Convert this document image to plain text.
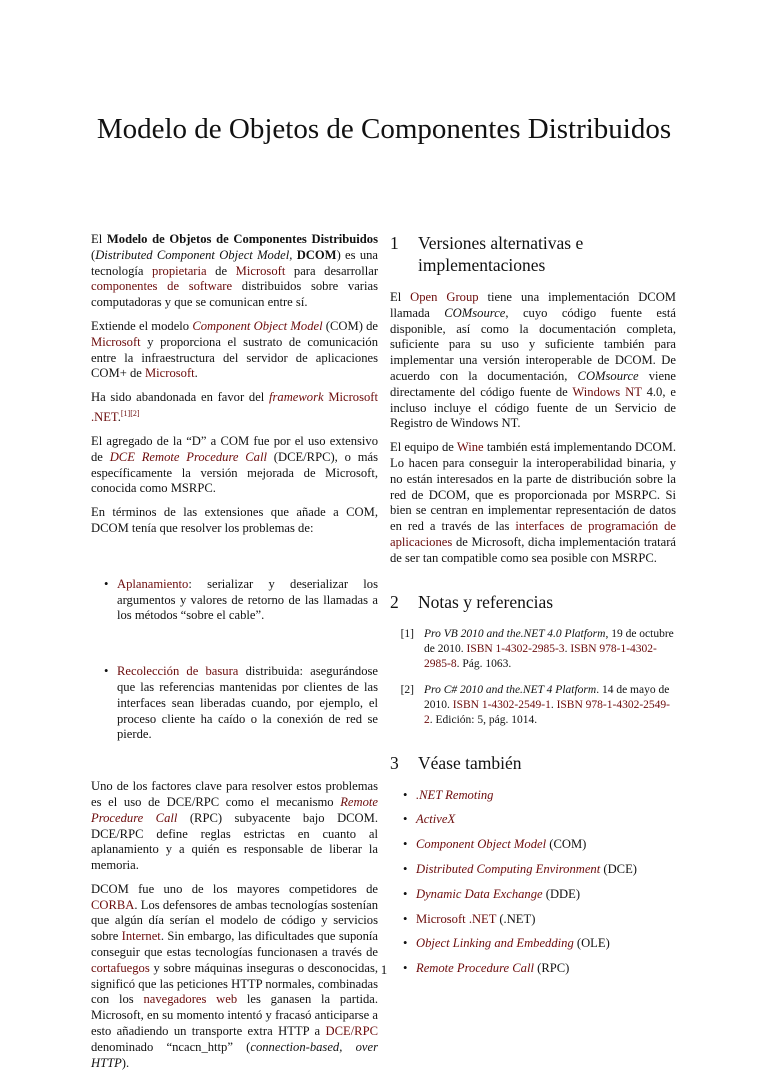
Modelo de Objetos de Componentes Distribuidos

El Modelo de Objetos de Componentes Distribuidos (Distributed Component Object Model, DCOM) es una tecnología propietaria de Microsoft para desarrollar componentes de software distribuidos sobre varias computadoras y que se comunican entre sí.

Extiende el modelo Component Object Model (COM) de Microsoft y proporciona el sustrato de comunicación entre la infraestructura del servidor de aplicaciones COM+ de Microsoft.

Ha sido abandonada en favor del framework Microsoft .NET.[1][2]

El agregado de la “D” a COM fue por el uso extensivo de DCE Remote Procedure Call (DCE/RPC), o más específicamente la versión mejorada de Microsoft, conocida como MSRPC.

En términos de las extensiones que añade a COM, DCOM tenía que resolver los problemas de:

• Aplanamiento: serializar y deserializar los argumentos y valores de retorno de las llamadas a los métodos “sobre el cable”.
• Recolección de basura distribuida: asegurándose que las referencias mantenidas por clientes de las interfaces sean liberadas cuando, por ejemplo, el proceso cliente ha caído o la conexión de red se pierde.

Uno de los factores clave para resolver estos problemas es el uso de DCE/RPC como el mecanismo Remote Procedure Call (RPC) subyacente bajo DCOM. DCE/RPC define reglas estrictas en cuanto al aplanamiento y a quién es responsable de liberar la memoria.

DCOM fue uno de los mayores competidores de CORBA. Los defensores de ambas tecnologías sostenían que algún día serían el modelo de código y servicios sobre Internet. Sin embargo, las dificultades que suponía conseguir que estas tecnologías funcionasen a través de cortafuegos y sobre máquinas inseguras o desconocidas, significó que las peticiones HTTP normales, combinadas con los navegadores web les ganasen la partida. Microsoft, en su momento intentó y fracasó anticiparse a esto añadiendo un transporte extra HTTP a DCE/RPC denominado “ncacn_http” (connection-based, over HTTP).

1	Versiones alternativas e implementaciones

El Open Group tiene una implementación DCOM llamada COMsource, cuyo código fuente está disponible, así como la documentación completa, suficiente para su uso y suficiente también para implementar una versión interoperable de DCOM. De acuerdo con la documentación, COMsource viene directamente del código fuente de Windows NT 4.0, e incluso incluye el código fuente de un Servicio de Registro de Windows NT.

El equipo de Wine también está implementando DCOM. Lo hacen para conseguir la interoperabilidad binaria, y no están interesados en la parte de distribución sobre la red de DCOM, que es proporcionada por MSRPC. Si bien se centran en implementar representación de datos en red a través de las interfaces de programación de aplicaciones de Microsoft, dicha implementación tratará de ser tan compatible como sea posible con MSRPC.

2	Notas y referencias
[1] Pro VB 2010 and the.NET 4.0 Platform, 19 de octubre de 2010. ISBN 1-4302-2985-3. ISBN 978-1-4302-2985-8. Pág. 1063.
[2] Pro C# 2010 and the.NET 4 Platform. 14 de mayo de 2010. ISBN 1-4302-2549-1. ISBN 978-1-4302-2549-2. Edición: 5, pág. 1014.
3	Véase también
• .NET Remoting
• ActiveX
• Component Object Model (COM)
• Distributed Computing Environment (DCE)
• Dynamic Data Exchange (DDE)
• Microsoft .NET (.NET)
• Object Linking and Embedding (OLE)
• Remote Procedure Call (RPC)
1
